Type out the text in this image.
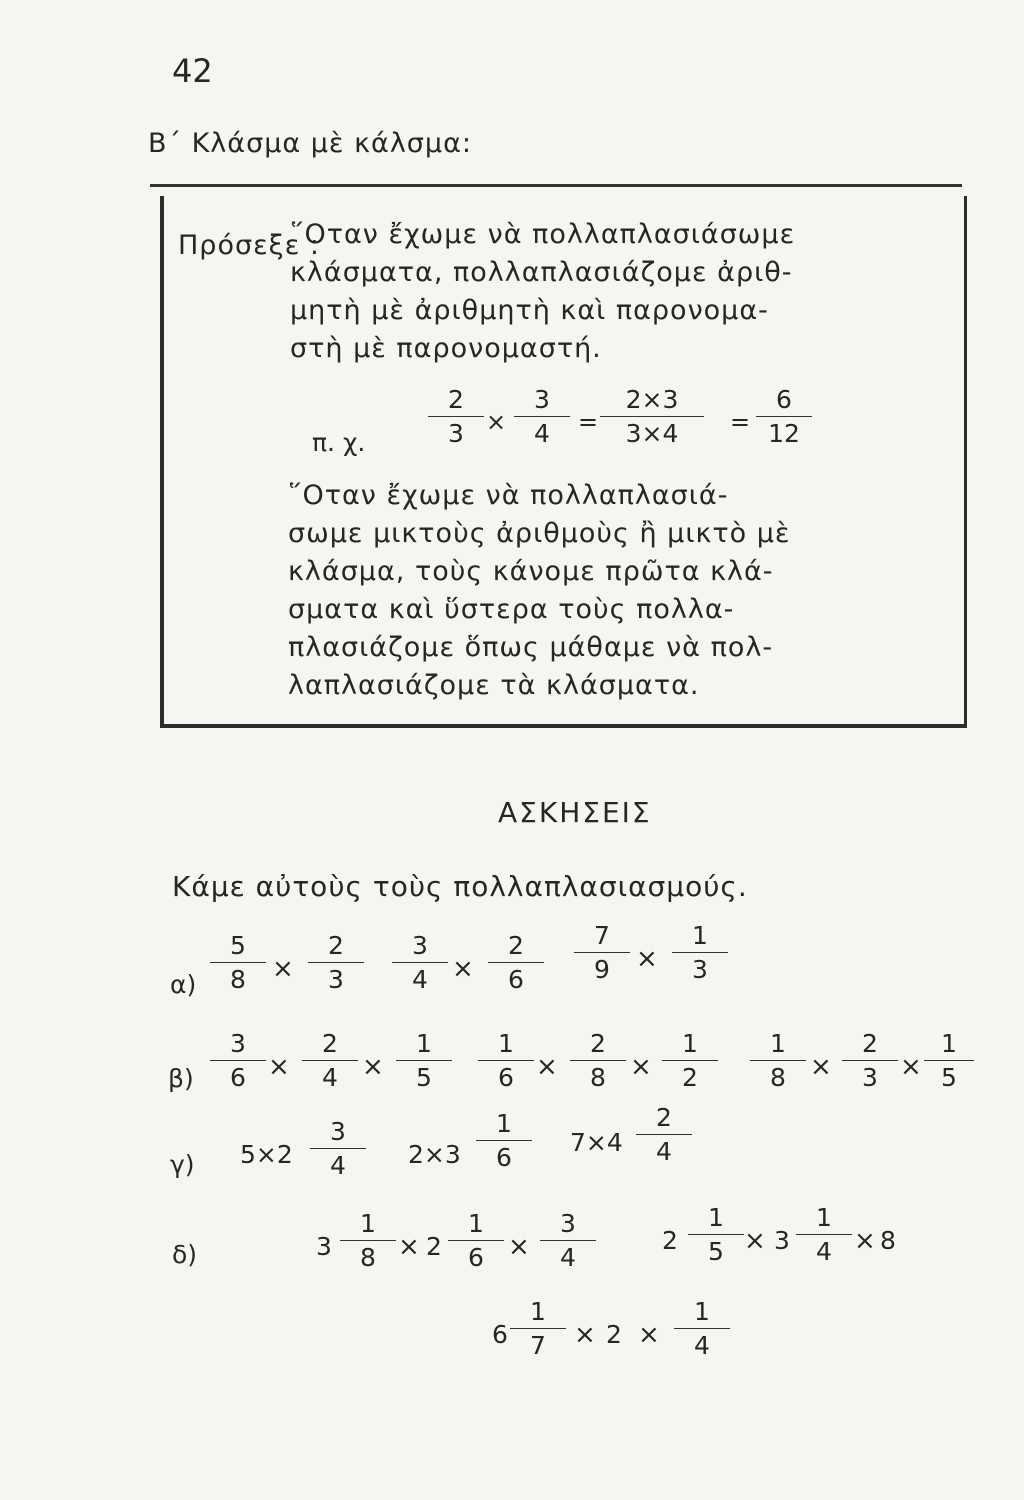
42
Β΄ Κλάσμα μὲ κάλσμα:
Πρόσεξε :
῞Οταν ἔχωμε νὰ πολλαπλασιάσωμε
κλάσματα, πολλαπλασιάζομε ἀριθ-
μητὴ μὲ ἀριθμητὴ καὶ παρονομα-
στὴ μὲ παρονομαστή.
π. χ.	$\frac{2}{3} \times \frac{3}{4} = \frac{2\times 3}{3\times 4} = \frac{6}{12}$
῞Οταν ἔχωμε νὰ πολλαπλασιά-
σωμε μικτοὺς ἀριθμοὺς ἢ μικτὸ μὲ
κλάσμα, τοὺς κάνομε πρῶτα κλά-
σματα καὶ ὕστερα τοὺς πολλα-
πλασιάζομε ὅπως μάθαμε νὰ πολ-
λαπλασιάζομε τὰ κλάσματα.
ΑΣΚΗΣΕΙΣ
Κάμε αὐτοὺς τοὺς πολλαπλασιασμούς.
$\alpha) \frac{5}{8} \times \frac{2}{3} \frac{3}{4} \times \frac{2}{6} \frac{7}{9} \times \frac{1}{3}$
$\beta) \frac{3}{6} \times \frac{2}{4} \times \frac{1}{5} \frac{1}{6} \times \frac{2}{8} \times \frac{1}{2} \frac{1}{8} \times \frac{2}{3} \times \frac{1}{5}$
γ) $5\times 2 \frac{3}{4} 2\times 3 \frac{1}{6} 7\times 4 \frac{2}{4}$
δ)	$3 \frac{1}{8} \times 2 \frac{1}{6} \times \frac{3}{4}$	$2 \frac{1}{5} \times 3 \frac{1}{4} \times 8$
$6 \frac{1}{7} \times 2 \times \frac{1}{4}$
